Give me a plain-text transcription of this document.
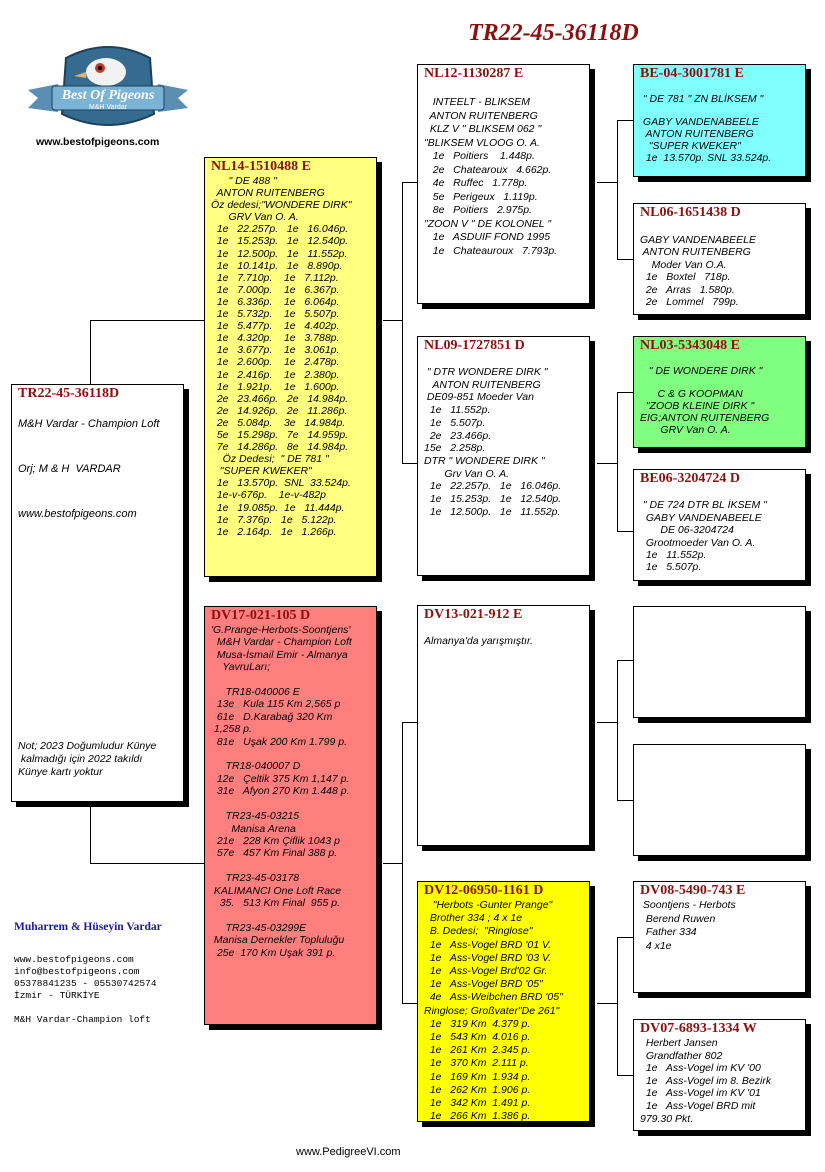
TR22-45-36118D
Best Of Pigeons
M&H Vardar
www.bestofpigeons.com
TR22-45-36118D

M&H Vardar - Champion Loft

Orj; M & H  VARDAR

www.bestofpigeons.com
Not; 2023 Doğumludur Künye
kalmadığı için 2022 takıldı
Künye kartı yoktur
Muharrem & Hüseyin Vardar
www.bestofpigeons.com
info@bestofpigeons.com
05378841235 - 05530742574
İzmir - TÜRKİYE

M&H Vardar-Champion loft
NL14-1510488 E
" DE 488 "
ANTON RUITENBERG
Öz dedesi;"WONDERE DIRK"
GRV Van O. A.
1e   22.257p.   1e   16.046p.
1e   15.253p.   1e   12.540p.
1e   12.500p.   1e   11.552p.
1e   10.141p.   1e   8.890p.
1e   7.710p.    1e   7.112p.
1e   7.000p.    1e   6.367p.
1e   6.336p.    1e   6.064p.
1e   5.732p.    1e   5.507p.
1e   5.477p.    1e   4.402p.
1e   4.320p.    1e   3.788p.
1e   3.677p.    1e   3.061p.
1e   2.600p.    1e   2.478p.
1e   2.416p.    1e   2.380p.
1e   1.921p.    1e   1.600p.
2e   23.466p.   2e   14.984p.
2e   14.926p.   2e   11.286p.
2e   5.084p.    3e   14.984p.
5e   15.298p.   7e   14.959p.
7e   14.286p.   8e   14.984p.
Öz Dedesi;  " DE 781 "
"SUPER KWEKER"
1e   13.570p.  SNL  33.524p.
1e-v-676p.    1e-v-482p
1e   19.085p.  1e   11.444p.
1e   7.376p.   1e   5.122p.
1e   2.164p.   1e   1.266p.
DV17-021-105 D
'G.Prange-Herbots-Soontjens'
M&H Vardar - Champion Loft
Musa-İsmail Emir - Almanya
YavruLarı;

TR18-040006 E
13e   Kula 115 Km 2,565 p
61e   D.Karabağ 320 Km
1,258 p.
81e   Uşak 200 Km 1.799 p.

TR18-040007 D
12e   Çeltik 375 Km 1,147 p.
31e   Afyon 270 Km 1.448 p.

TR23-45-03215
Manisa Arena
21e   228 Km Çiflik 1043 p
57e   457 Km Final 388 p.

TR23-45-03178
KALIMANCI One Loft Race
35.   513 Km Final  955 p.

TR23-45-03299E
Manisa Dernekler Topluluğu
25e  170 Km Uşak 391 p.
NL12-1130287 E
INTEELT - BLIKSEM
ANTON RUITENBERG
KLZ V " BLIKSEM 062 "
"BLIKSEM VLOOG O. A.
1e   Poitiers    1.448p.
2e   Chatearoux   4.662p.
4e   Ruffec   1.778p.
5e   Perigeux   1.119p.
8e   Poitiers   2.975p.
"ZOON V " DE KOLONEL "
1e   ASDUIF FOND 1995
1e   Chateauroux   7.793p.
NL09-1727851 D
" DTR WONDERE DIRK "
ANTON RUITENBERG
DE09-851 Moeder Van
1e   11.552p.
1e   5.507p.
2e   23.466p.
15e   2.258p.
DTR " WONDERE DIRK "
Grv Van O. A.
1e   22.257p.   1e   16.046p.
1e   15.253p.   1e   12.540p.
1e   12.500p.   1e   11.552p.
DV13-021-912 E

Almanya'da yarışmıştır.
DV12-06950-1161 D
"Herbots -Gunter Prange"
Brother 334 ; 4 x 1e
B. Dedesi;  "Ringlose"
1e   Ass-Vogel BRD '01 V.
1e   Ass-Vogel BRD '03 V.
1e   Ass-Vogel Brd'02 Gr.
1e   Ass-Vogel BRD '05"
4e   Ass-Weibchen BRD '05"
Ringlose; Großvater"De 261"
1e   319 Km  4.379 p.
1e   543 Km  4.016 p.
1e   261 Km  2.345 p.
1e   370 Km  2.111 p.
1e   169 Km  1.934 p.
1e   262 Km  1.906 p.
1e   342 Km  1.491 p.
1e   266 Km  1.386 p.
BE-04-3001781 E

" DE 781 " ZN BLİKSEM "

GABY VANDENABEELE
ANTON RUITENBERG
"SUPER KWEKER"
1e  13.570p. SNL 33.524p.
NL06-1651438 D

GABY VANDENABEELE
ANTON RUITENBERG
Moder Van O.A.
1e   Boxtel   718p.
2e   Arras   1.580p.
2e   Lommel   799p.
NL03-5343048 E

" DE WONDERE DIRK "

C & G KOOPMAN
"ZOOB KLEINE DIRK "
EIG;ANTON RUITENBERG
GRV Van O. A.
BE06-3204724 D

" DE 724 DTR BL İKSEM "
GABY VANDENABEELE
DE 06-3204724
Grootmoeder Van O. A.
1e   11.552p.
1e   5.507p.
DV08-5490-743 E
Soontjens - Herbots
Berend Ruwen
Father 334
4 x1e
DV07-6893-1334 W
Herbert Jansen
Grandfather 802
1e   Ass-Vogel im KV '00
1e   Ass-Vogel im 8. Bezirk
1e   Ass-Vogel im KV '01
1e   Ass-Vogel BRD mit
979.30 Pkt.
www.PedigreeVI.com
